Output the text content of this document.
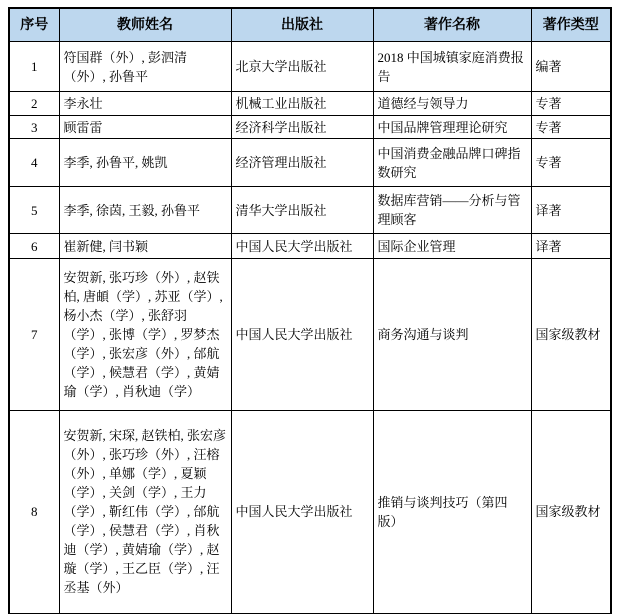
序号	教师姓名	出版社	著作名称	著作类型
1	符国群（外）, 彭泗清（外）, 孙鲁平	北京大学出版社	2018 中国城镇家庭消费报告	编著
2	李永壮	机械工业出版社	道德经与领导力	专著
3	顾雷雷	经济科学出版社	中国品牌管理理论研究	专著
4	李季, 孙鲁平, 姚凯	经济管理出版社	中国消费金融品牌口碑指数研究	专著
5	李季, 徐茵, 王毅, 孙鲁平	清华大学出版社	数据库营销——分析与管理顾客	译著
6	崔新健, 闫书颖	中国人民大学出版社	国际企业管理	译著
7	安贺新, 张巧珍（外）, 赵铁柏, 唐頔（学）, 苏亚（学）, 杨小杰（学）, 张舒羽（学）, 张博（学）, 罗梦杰（学）, 张宏彦（外）, 邰航（学）, 候慧君（学）, 黄婧瑜（学）, 肖秋迪（学）	中国人民大学出版社	商务沟通与谈判	国家级教材
8	安贺新, 宋琛, 赵铁柏, 张宏彦（外）, 张巧珍（外）, 汪榕（外）, 单娜（学）, 夏颖（学）, 关剑（学）, 王力（学）, 靳红伟（学）, 邰航（学）, 侯慧君（学）, 肖秋迪（学）, 黄婧瑜（学）, 赵璇（学）, 王乙臣（学）, 汪丞基（外）	中国人民大学出版社	推销与谈判技巧（第四版）	国家级教材
